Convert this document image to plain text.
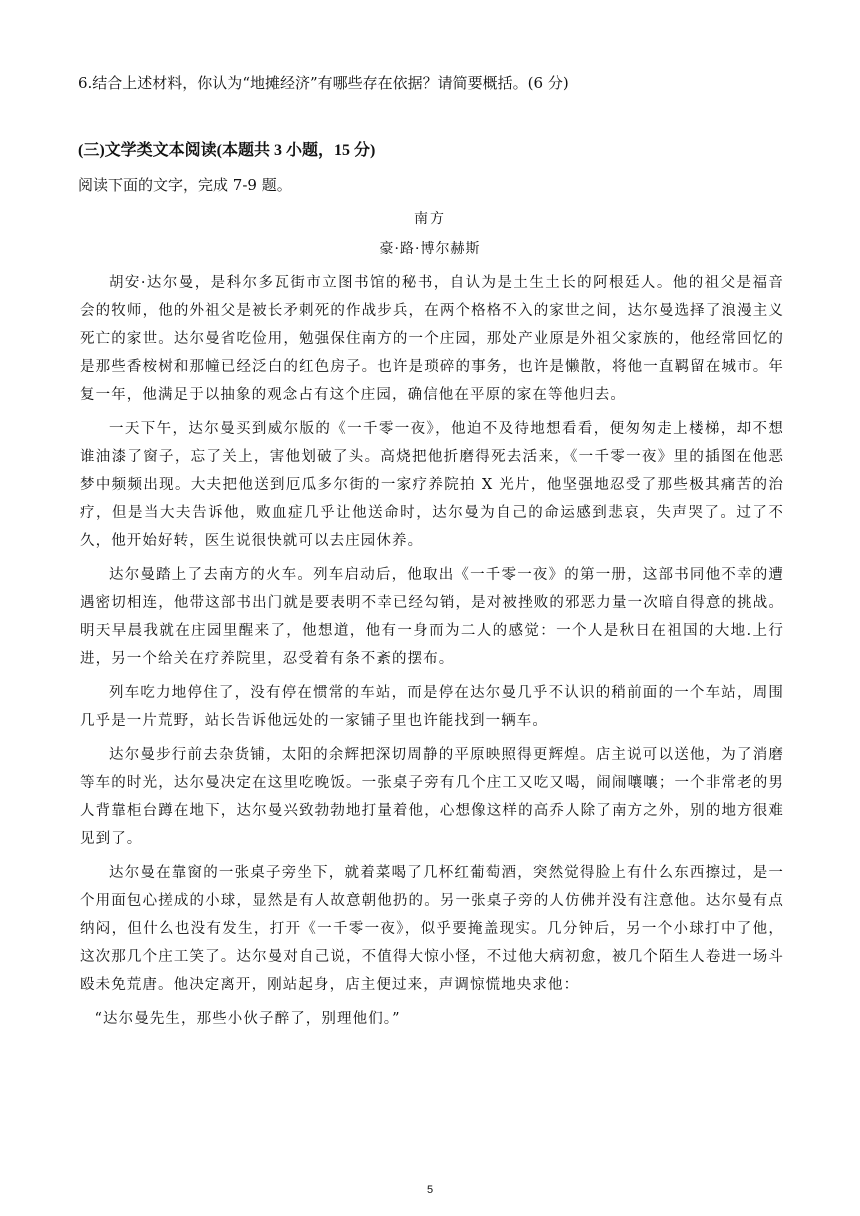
6.结合上述材料，你认为“地摊经济”有哪些存在依据？请简要概括。(6 分)
(三)文学类文本阅读(本题共 3 小题，15 分)
阅读下面的文字，完成 7-9 题。
南方
豪·路·博尔赫斯

胡安·达尔曼，是科尔多瓦街市立图书馆的秘书，自认为是土生土长的阿根廷人。他的祖父是福音会的牧师，他的外祖父是被长矛刺死的作战步兵，在两个格格不入的家世之间，达尔曼选择了浪漫主义死亡的家世。达尔曼省吃俭用，勉强保住南方的一个庄园，那处产业原是外祖父家族的，他经常回忆的是那些香桉树和那幢已经泛白的红色房子。也许是琐碎的事务，也许是懒散，将他一直羁留在城市。年复一年，他满足于以抽象的观念占有这个庄园，确信他在平原的家在等他归去。

一天下午，达尔曼买到威尔版的《一千零一夜》，他迫不及待地想看看，便匆匆走上楼梯，却不想谁油漆了窗子，忘了关上，害他划破了头。高烧把他折磨得死去活来，《一千零一夜》里的插图在他恶梦中频频出现。大夫把他送到厄瓜多尔街的一家疗养院拍 X 光片，他坚强地忍受了那些极其痛苦的治疗，但是当大夫告诉他，败血症几乎让他送命时，达尔曼为自己的命运感到悲哀，失声哭了。过了不久，他开始好转，医生说很快就可以去庄园休养。

达尔曼踏上了去南方的火车。列车启动后，他取出《一千零一夜》的第一册，这部书同他不幸的遭遇密切相连，他带这部书出门就是要表明不幸已经勾销，是对被挫败的邪恶力量一次暗自得意的挑战。明天早晨我就在庄园里醒来了，他想道，他有一身而为二人的感觉：一个人是秋日在祖国的大地.上行进，另一个给关在疗养院里，忍受着有条不紊的摆布。

列车吃力地停住了，没有停在惯常的车站，而是停在达尔曼几乎不认识的稍前面的一个车站，周围几乎是一片荒野，站长告诉他远处的一家铺子里也许能找到一辆车。

达尔曼步行前去杂货铺，太阳的余辉把深切周静的平原映照得更辉煌。店主说可以送他，为了消磨等车的时光，达尔曼决定在这里吃晚饭。一张桌子旁有几个庄工又吃又喝，闹闹嚷嚷；一个非常老的男人背靠柜台蹲在地下，达尔曼兴致勃勃地打量着他，心想像这样的高乔人除了南方之外，别的地方很难见到了。

达尔曼在靠窗的一张桌子旁坐下，就着菜喝了几杯红葡萄酒，突然觉得脸上有什么东西擦过，是一个用面包心搓成的小球，显然是有人故意朝他扔的。另一张桌子旁的人仿佛并没有注意他。达尔曼有点纳闷，但什么也没有发生，打开《一千零一夜》，似乎要掩盖现实。几分钟后，另一个小球打中了他，这次那几个庄工笑了。达尔曼对自己说，不值得大惊小怪，不过他大病初愈，被几个陌生人卷进一场斗殴未免荒唐。他决定离开，刚站起身，店主便过来，声调惊慌地央求他：

“达尔曼先生，那些小伙子醉了，别理他们。”

5
